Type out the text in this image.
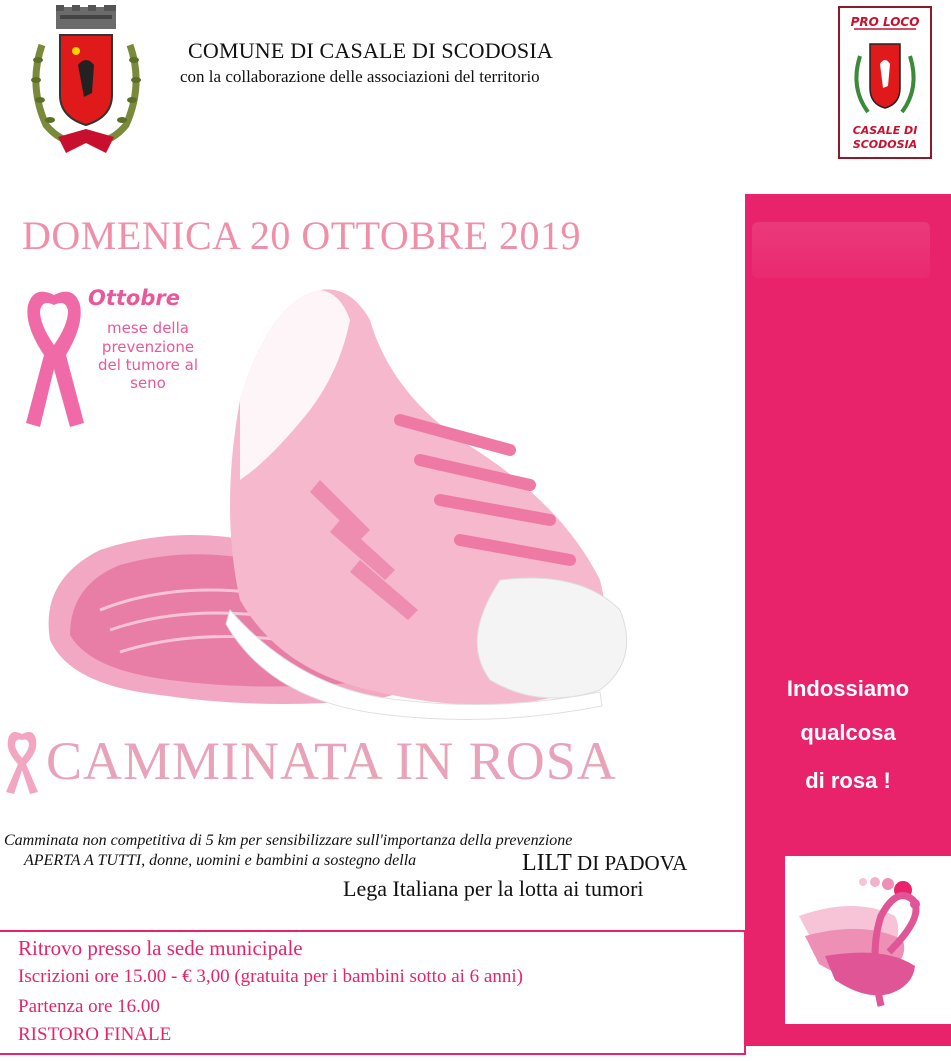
COMUNE DI CASALE DI SCODOSIA
con la collaborazione delle associazioni del territorio
PRO LOCO
CASALE DI
SCODOSIA
DOMENICA 20 OTTOBRE 2019
Ottobre
mese della
prevenzione
del tumore al
seno
CAMMINATA IN ROSA
Indossiamo
qualcosa
di rosa !
Camminata non competitiva di 5 km per sensibilizzare sull'importanza della prevenzione
APERTA A TUTTI, donne, uomini e bambini a sostegno della	LILT DI PADOVA
Lega Italiana per la lotta ai tumori
Ritrovo presso la sede municipale
Iscrizioni ore 15.00 - € 3,00 (gratuita per i bambini sotto ai 6 anni)
Partenza ore 16.00
RISTORO FINALE
